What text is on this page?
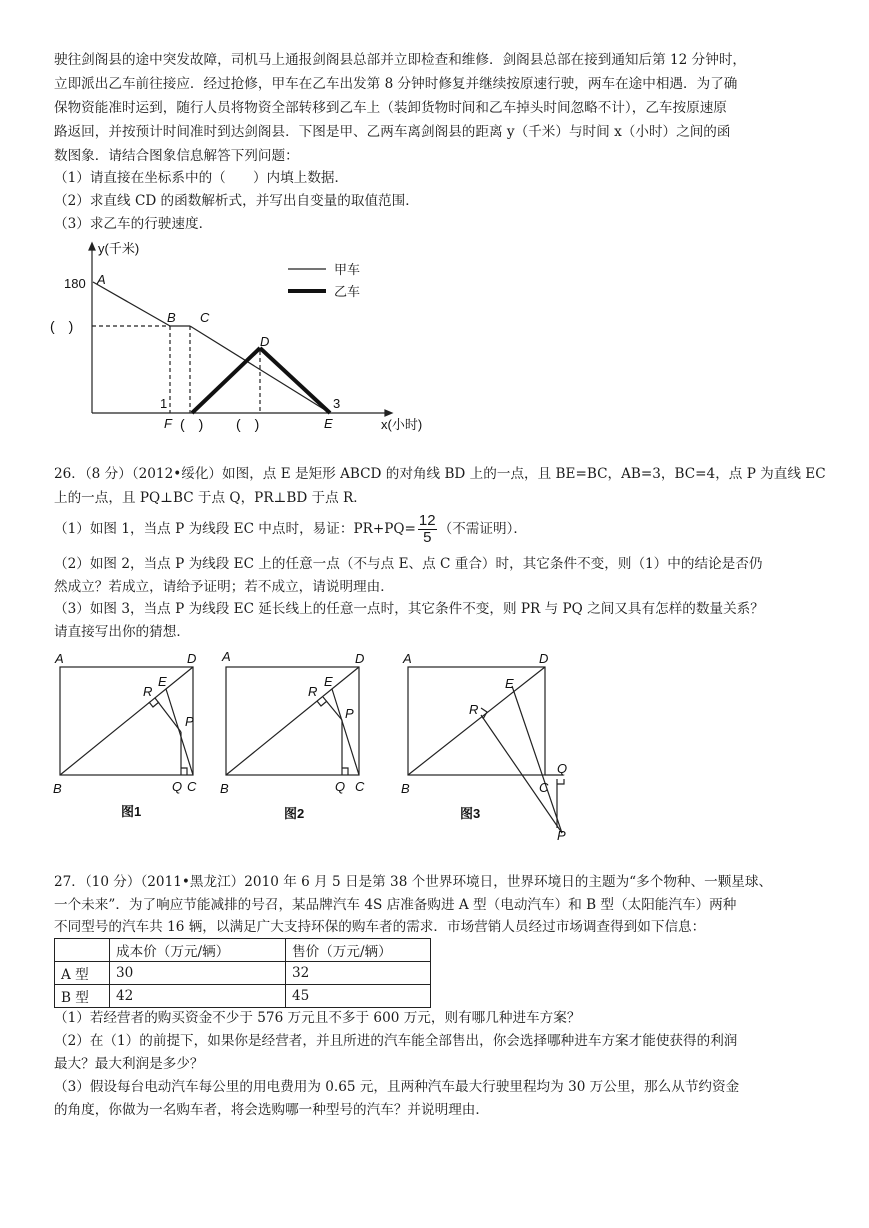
驶往剑阁县的途中突发故障，司机马上通报剑阁县总部并立即检查和维修．剑阁县总部在接到通知后第 12 分钟时，
立即派出乙车前往接应．经过抢修，甲车在乙车出发第 8 分钟时修复并继续按原速行驶，两车在途中相遇．为了确
保物资能准时运到，随行人员将物资全部转移到乙车上（装卸货物时间和乙车掉头时间忽略不计），乙车按原速原
路返回，并按预计时间准时到达剑阁县．下图是甲、乙两车离剑阁县的距离 y（千米）与时间 x（小时）之间的函
数图象．请结合图象信息解答下列问题：
（1）请直接在坐标系中的（　　）内填上数据．
（2）求直线 CD 的函数解析式，并写出自变量的取值范围．
（3）求乙车的行驶速度．
y(千米)
x(小时)
180
(　)
(　) (　)
1	3
A
B C
D
E
F
甲车
乙车
26．（8 分）（2012•绥化）如图，点 E 是矩形 ABCD 的对角线 BD 上的一点，且 BE=BC，AB=3，BC=4，点 P 为直线 EC
上的一点，且 PQ⊥BC 于点 Q，PR⊥BD 于点 R．
（1）如图 1，当点 P 为线段 EC 中点时，易证：$PR+PQ= \frac{12}{5}$ （不需证明）．
（2）如图 2，当点 P 为线段 EC 上的任意一点（不与点 E、点 C 重合）时，其它条件不变，则（1）中的结论是否仍
然成立？若成立，请给予证明；若不成立，请说明理由．
（3）如图 3，当点 P 为线段 EC 延长线上的任意一点时，其它条件不变，则 PR 与 PQ 之间又具有怎样的数量关系？
请直接写出你的猜想．
A	D
B	C
Q
E
R
P
A	D
B	C
Q
E
R
P
A	D
B	C
Q
E
R
P
图1	图2	图3
27．（10 分）（2011•黑龙江）2010 年 6 月 5 日是第 38 个世界环境日，世界环境日的主题为“多个物种、一颗星球、
一个未来”．为了响应节能减排的号召，某品牌汽车 4S 店准备购进 A 型（电动汽车）和 B 型（太阳能汽车）两种
不同型号的汽车共 16 辆，以满足广大支持环保的购车者的需求．市场营销人员经过市场调查得到如下信息：
	成本价（万元/辆）	售价（万元/辆）
A 型	30	32
B 型	42	45
（1）若经营者的购买资金不少于 576 万元且不多于 600 万元，则有哪几种进车方案？
（2）在（1）的前提下，如果你是经营者，并且所进的汽车能全部售出，你会选择哪种进车方案才能使获得的利润
最大？最大利润是多少？
（3）假设每台电动汽车每公里的用电费用为 0.65 元，且两种汽车最大行驶里程均为 30 万公里，那么从节约资金
的角度，你做为一名购车者，将会选购哪一种型号的汽车？并说明理由．
